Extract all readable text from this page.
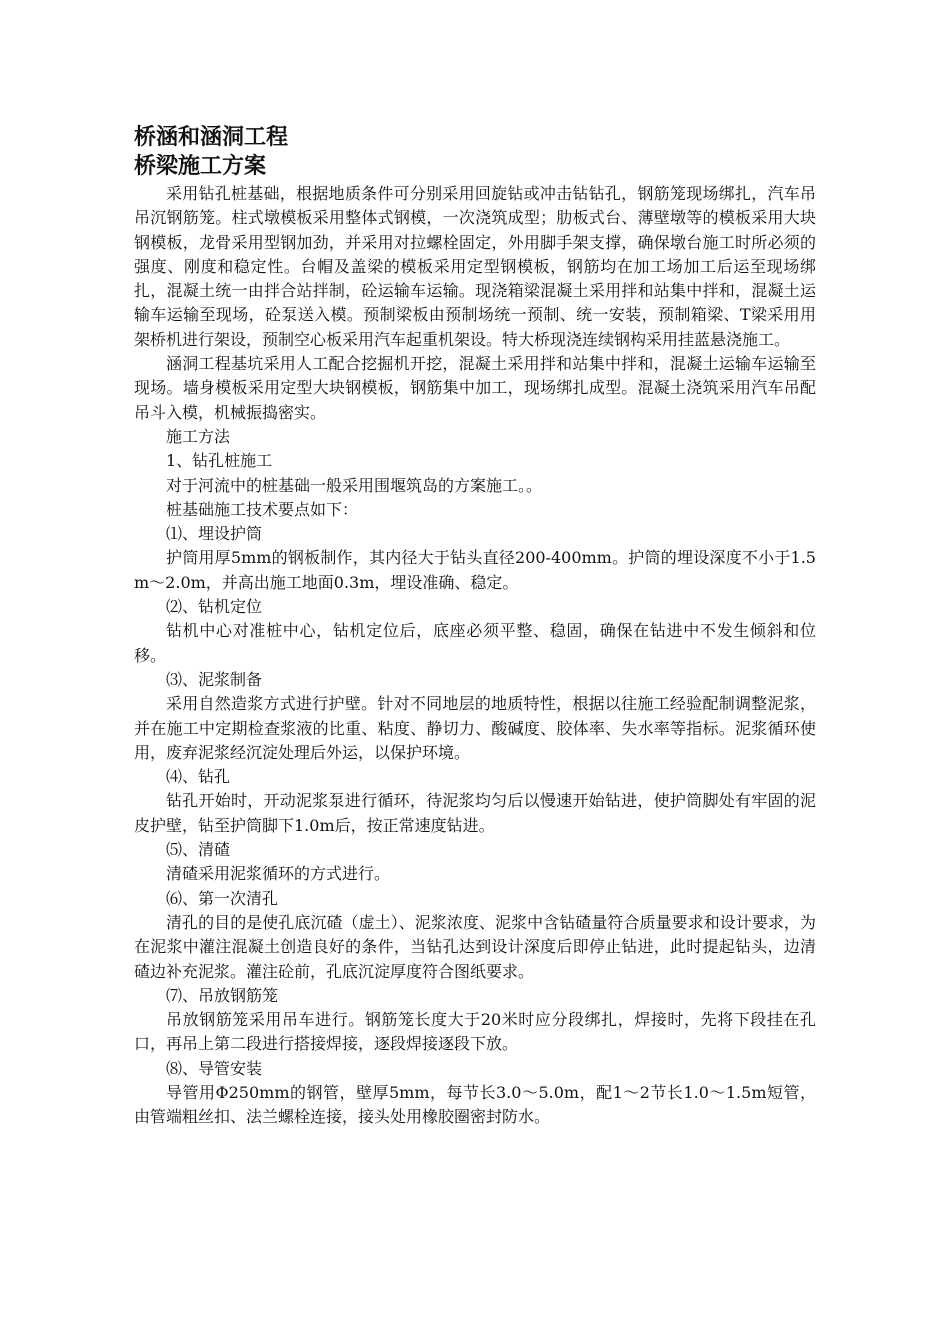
桥涵和涵洞工程
桥梁施工方案

采用钻孔桩基础，根据地质条件可分别采用回旋钻或冲击钻钻孔，钢筋笼现场绑扎，汽车吊吊沉钢筋笼。柱式墩模板采用整体式钢模，一次浇筑成型；肋板式台、薄壁墩等的模板采用大块钢模板，龙骨采用型钢加劲，并采用对拉螺栓固定，外用脚手架支撑，确保墩台施工时所必须的强度、刚度和稳定性。台帽及盖梁的模板采用定型钢模板，钢筋均在加工场加工后运至现场绑扎，混凝土统一由拌合站拌制，砼运输车运输。现浇箱梁混凝土采用拌和站集中拌和，混凝土运输车运输至现场，砼泵送入模。预制梁板由预制场统一预制、统一安装，预制箱梁、T梁采用用架桥机进行架设，预制空心板采用汽车起重机架设。特大桥现浇连续钢构采用挂蓝悬浇施工。

涵洞工程基坑采用人工配合挖掘机开挖，混凝土采用拌和站集中拌和，混凝土运输车运输至现场。墙身模板采用定型大块钢模板，钢筋集中加工，现场绑扎成型。混凝土浇筑采用汽车吊配吊斗入模，机械振捣密实。

施工方法

1、钻孔桩施工

对于河流中的桩基础一般采用围堰筑岛的方案施工。。

桩基础施工技术要点如下：

⑴、埋设护筒

护筒用厚5mm的钢板制作，其内径大于钻头直径200-400mm。护筒的埋设深度不小于1.5m～2.0m，并高出施工地面0.3m，埋设准确、稳定。

⑵、钻机定位

钻机中心对准桩中心，钻机定位后，底座必须平整、稳固，确保在钻进中不发生倾斜和位移。

⑶、泥浆制备

采用自然造浆方式进行护壁。针对不同地层的地质特性，根据以往施工经验配制调整泥浆，并在施工中定期检查浆液的比重、粘度、静切力、酸碱度、胶体率、失水率等指标。泥浆循环使用，废弃泥浆经沉淀处理后外运，以保护环境。

⑷、钻孔

钻孔开始时，开动泥浆泵进行循环，待泥浆均匀后以慢速开始钻进，使护筒脚处有牢固的泥皮护壁，钻至护筒脚下1.0m后，按正常速度钻进。

⑸、清碴

清碴采用泥浆循环的方式进行。

⑹、第一次清孔

清孔的目的是使孔底沉碴（虚土）、泥浆浓度、泥浆中含钻碴量符合质量要求和设计要求，为在泥浆中灌注混凝土创造良好的条件，当钻孔达到设计深度后即停止钻进，此时提起钻头，边清碴边补充泥浆。灌注砼前，孔底沉淀厚度符合图纸要求。

⑺、吊放钢筋笼

吊放钢筋笼采用吊车进行。钢筋笼长度大于20米时应分段绑扎，焊接时，先将下段挂在孔口，再吊上第二段进行搭接焊接，逐段焊接逐段下放。

⑻、导管安装

导管用Φ250mm的钢管，壁厚5mm，每节长3.0～5.0m，配1～2节长1.0～1.5m短管，由管端粗丝扣、法兰螺栓连接，接头处用橡胶圈密封防水。
